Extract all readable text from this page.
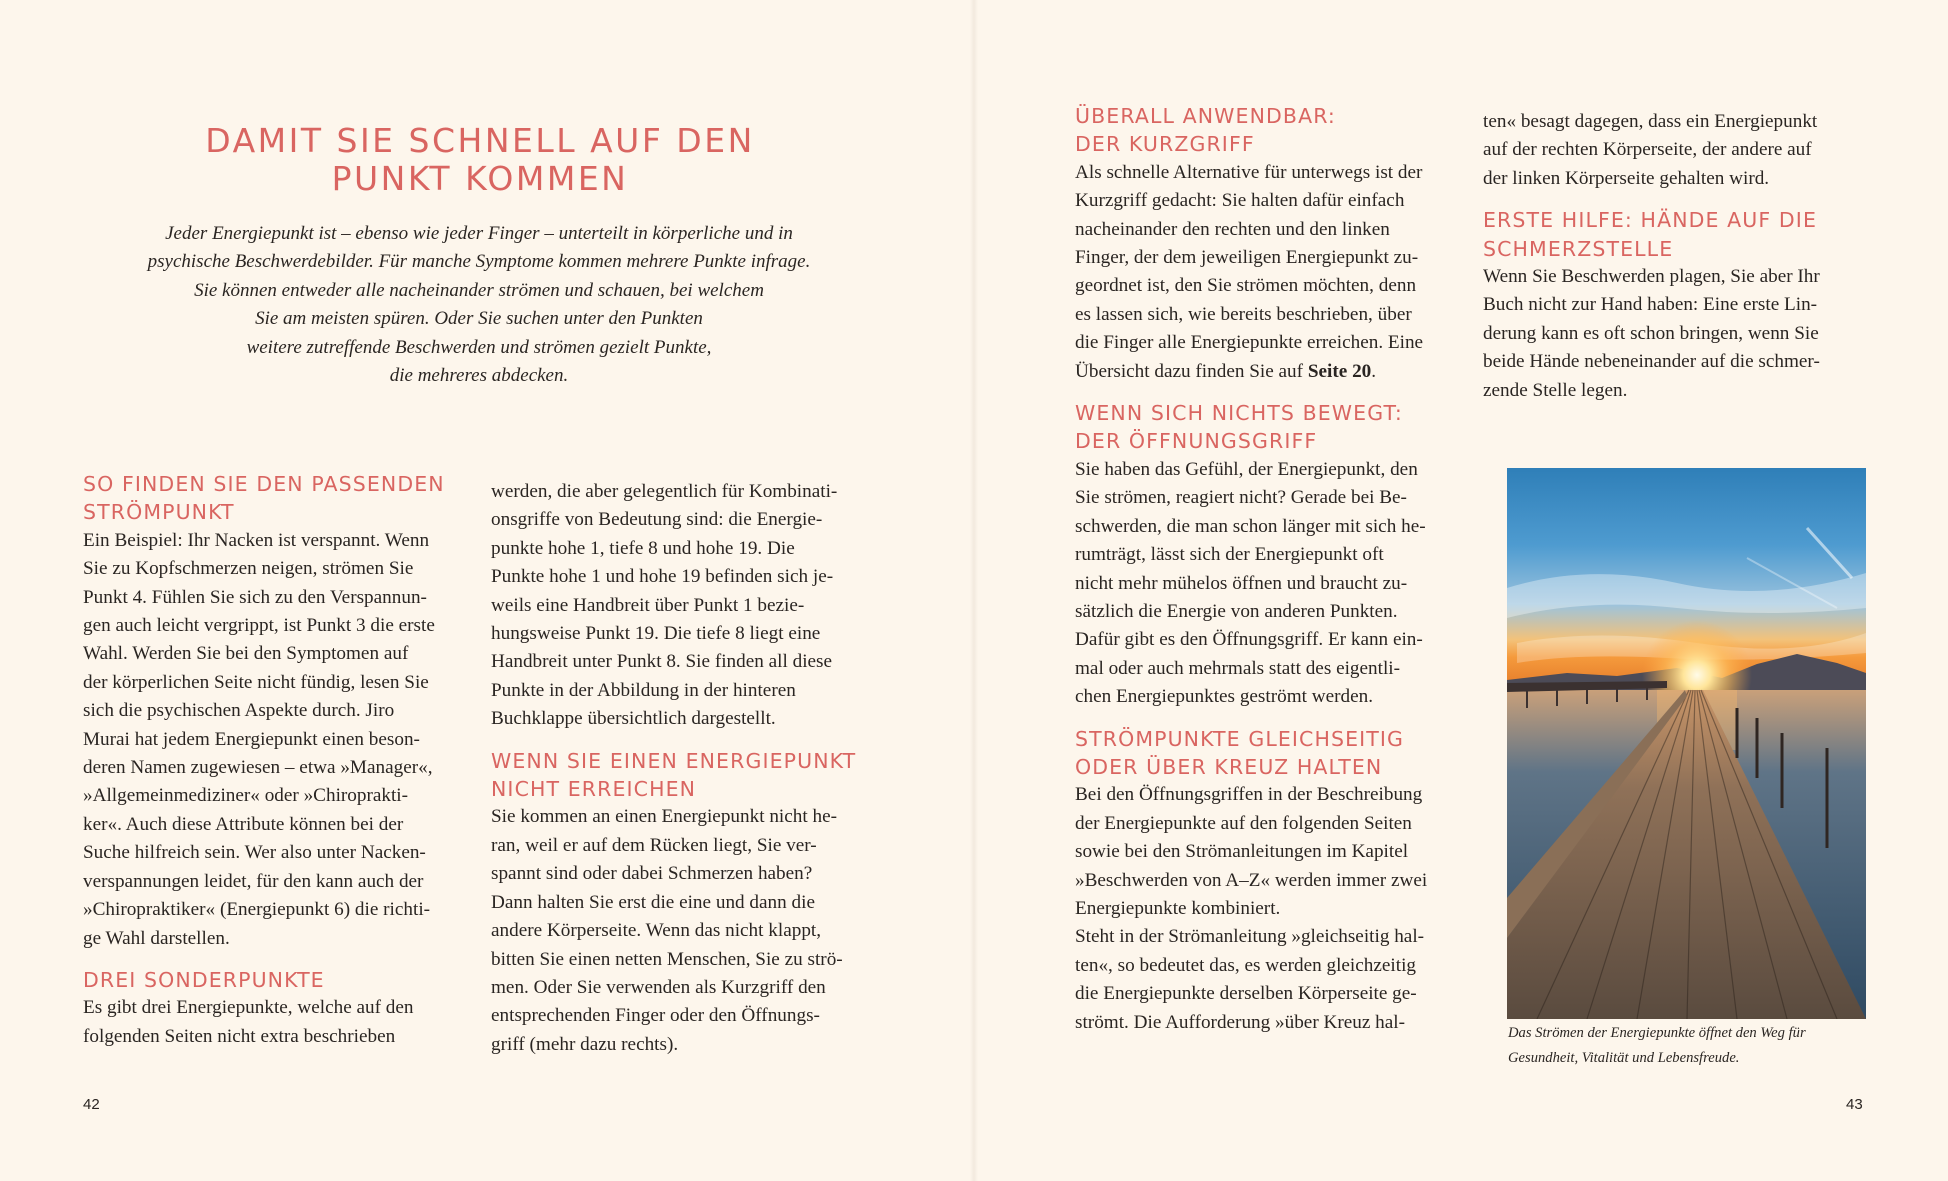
DAMIT SIE SCHNELL AUF DEN
PUNKT KOMMEN

Jeder Energiepunkt ist – ebenso wie jeder Finger – unterteilt in körperliche und in
psychische Beschwerdebilder. Für manche Symptome kommen mehrere Punkte infrage.
Sie können entweder alle nacheinander strömen und schauen, bei welchem
Sie am meisten spüren. Oder Sie suchen unter den Punkten
weitere zutreffende Beschwerden und strömen gezielt Punkte,
die mehreres abdecken.

SO FINDEN SIE DEN PASSENDEN
STRÖMPUNKT

Ein Beispiel: Ihr Nacken ist verspannt. Wenn
Sie zu Kopfschmerzen neigen, strömen Sie
Punkt 4. Fühlen Sie sich zu den Verspannun-
gen auch leicht vergrippt, ist Punkt 3 die erste
Wahl. Werden Sie bei den Symptomen auf
der körperlichen Seite nicht fündig, lesen Sie
sich die psychischen Aspekte durch. Jiro
Murai hat jedem Energiepunkt einen beson-
deren Namen zugewiesen – etwa »Manager«,
»Allgemeinmediziner« oder »Chiroprakti-
ker«. Auch diese Attribute können bei der
Suche hilfreich sein. Wer also unter Nacken-
verspannungen leidet, für den kann auch der
»Chiropraktiker« (Energiepunkt 6) die richti-
ge Wahl darstellen.

DREI SONDERPUNKTE

Es gibt drei Energiepunkte, welche auf den
folgenden Seiten nicht extra beschrieben

werden, die aber gelegentlich für Kombinati-
onsgriffe von Bedeutung sind: die Energie-
punkte hohe 1, tiefe 8 und hohe 19. Die
Punkte hohe 1 und hohe 19 befinden sich je-
weils eine Handbreit über Punkt 1 bezie-
hungsweise Punkt 19. Die tiefe 8 liegt eine
Handbreit unter Punkt 8. Sie finden all diese
Punkte in der Abbildung in der hinteren
Buchklappe übersichtlich dargestellt.

WENN SIE EINEN ENERGIEPUNKT
NICHT ERREICHEN

Sie kommen an einen Energiepunkt nicht he-
ran, weil er auf dem Rücken liegt, Sie ver-
spannt sind oder dabei Schmerzen haben?
Dann halten Sie erst die eine und dann die
andere Körperseite. Wenn das nicht klappt,
bitten Sie einen netten Menschen, Sie zu strö-
men. Oder Sie verwenden als Kurzgriff den
entsprechenden Finger oder den Öffnungs-
griff (mehr dazu rechts).

42

ÜBERALL ANWENDBAR:
DER KURZGRIFF

Als schnelle Alternative für unterwegs ist der
Kurzgriff gedacht: Sie halten dafür einfach
nacheinander den rechten und den linken
Finger, der dem jeweiligen Energiepunkt zu-
geordnet ist, den Sie strömen möchten, denn
es lassen sich, wie bereits beschrieben, über
die Finger alle Energiepunkte erreichen. Eine
Übersicht dazu finden Sie auf Seite 20.

WENN SICH NICHTS BEWEGT:
DER ÖFFNUNGSGRIFF

Sie haben das Gefühl, der Energiepunkt, den
Sie strömen, reagiert nicht? Gerade bei Be-
schwerden, die man schon länger mit sich he-
rumträgt, lässt sich der Energiepunkt oft
nicht mehr mühelos öffnen und braucht zu-
sätzlich die Energie von anderen Punkten.
Dafür gibt es den Öffnungsgriff. Er kann ein-
mal oder auch mehrmals statt des eigentli-
chen Energiepunktes geströmt werden.

STRÖMPUNKTE GLEICHSEITIG
ODER ÜBER KREUZ HALTEN

Bei den Öffnungsgriffen in der Beschreibung
der Energiepunkte auf den folgenden Seiten
sowie bei den Strömanleitungen im Kapitel
»Beschwerden von A–Z« werden immer zwei
Energiepunkte kombiniert.
Steht in der Strömanleitung »gleichseitig hal-
ten«, so bedeutet das, es werden gleichzeitig
die Energiepunkte derselben Körperseite ge-
strömt. Die Aufforderung »über Kreuz hal-

ten« besagt dagegen, dass ein Energiepunkt
auf der rechten Körperseite, der andere auf
der linken Körperseite gehalten wird.

ERSTE HILFE: HÄNDE AUF DIE
SCHMERZSTELLE

Wenn Sie Beschwerden plagen, Sie aber Ihr
Buch nicht zur Hand haben: Eine erste Lin-
derung kann es oft schon bringen, wenn Sie
beide Hände nebeneinander auf die schmer-
zende Stelle legen.

Das Strömen der Energiepunkte öffnet den Weg für
Gesundheit, Vitalität und Lebensfreude.

43
